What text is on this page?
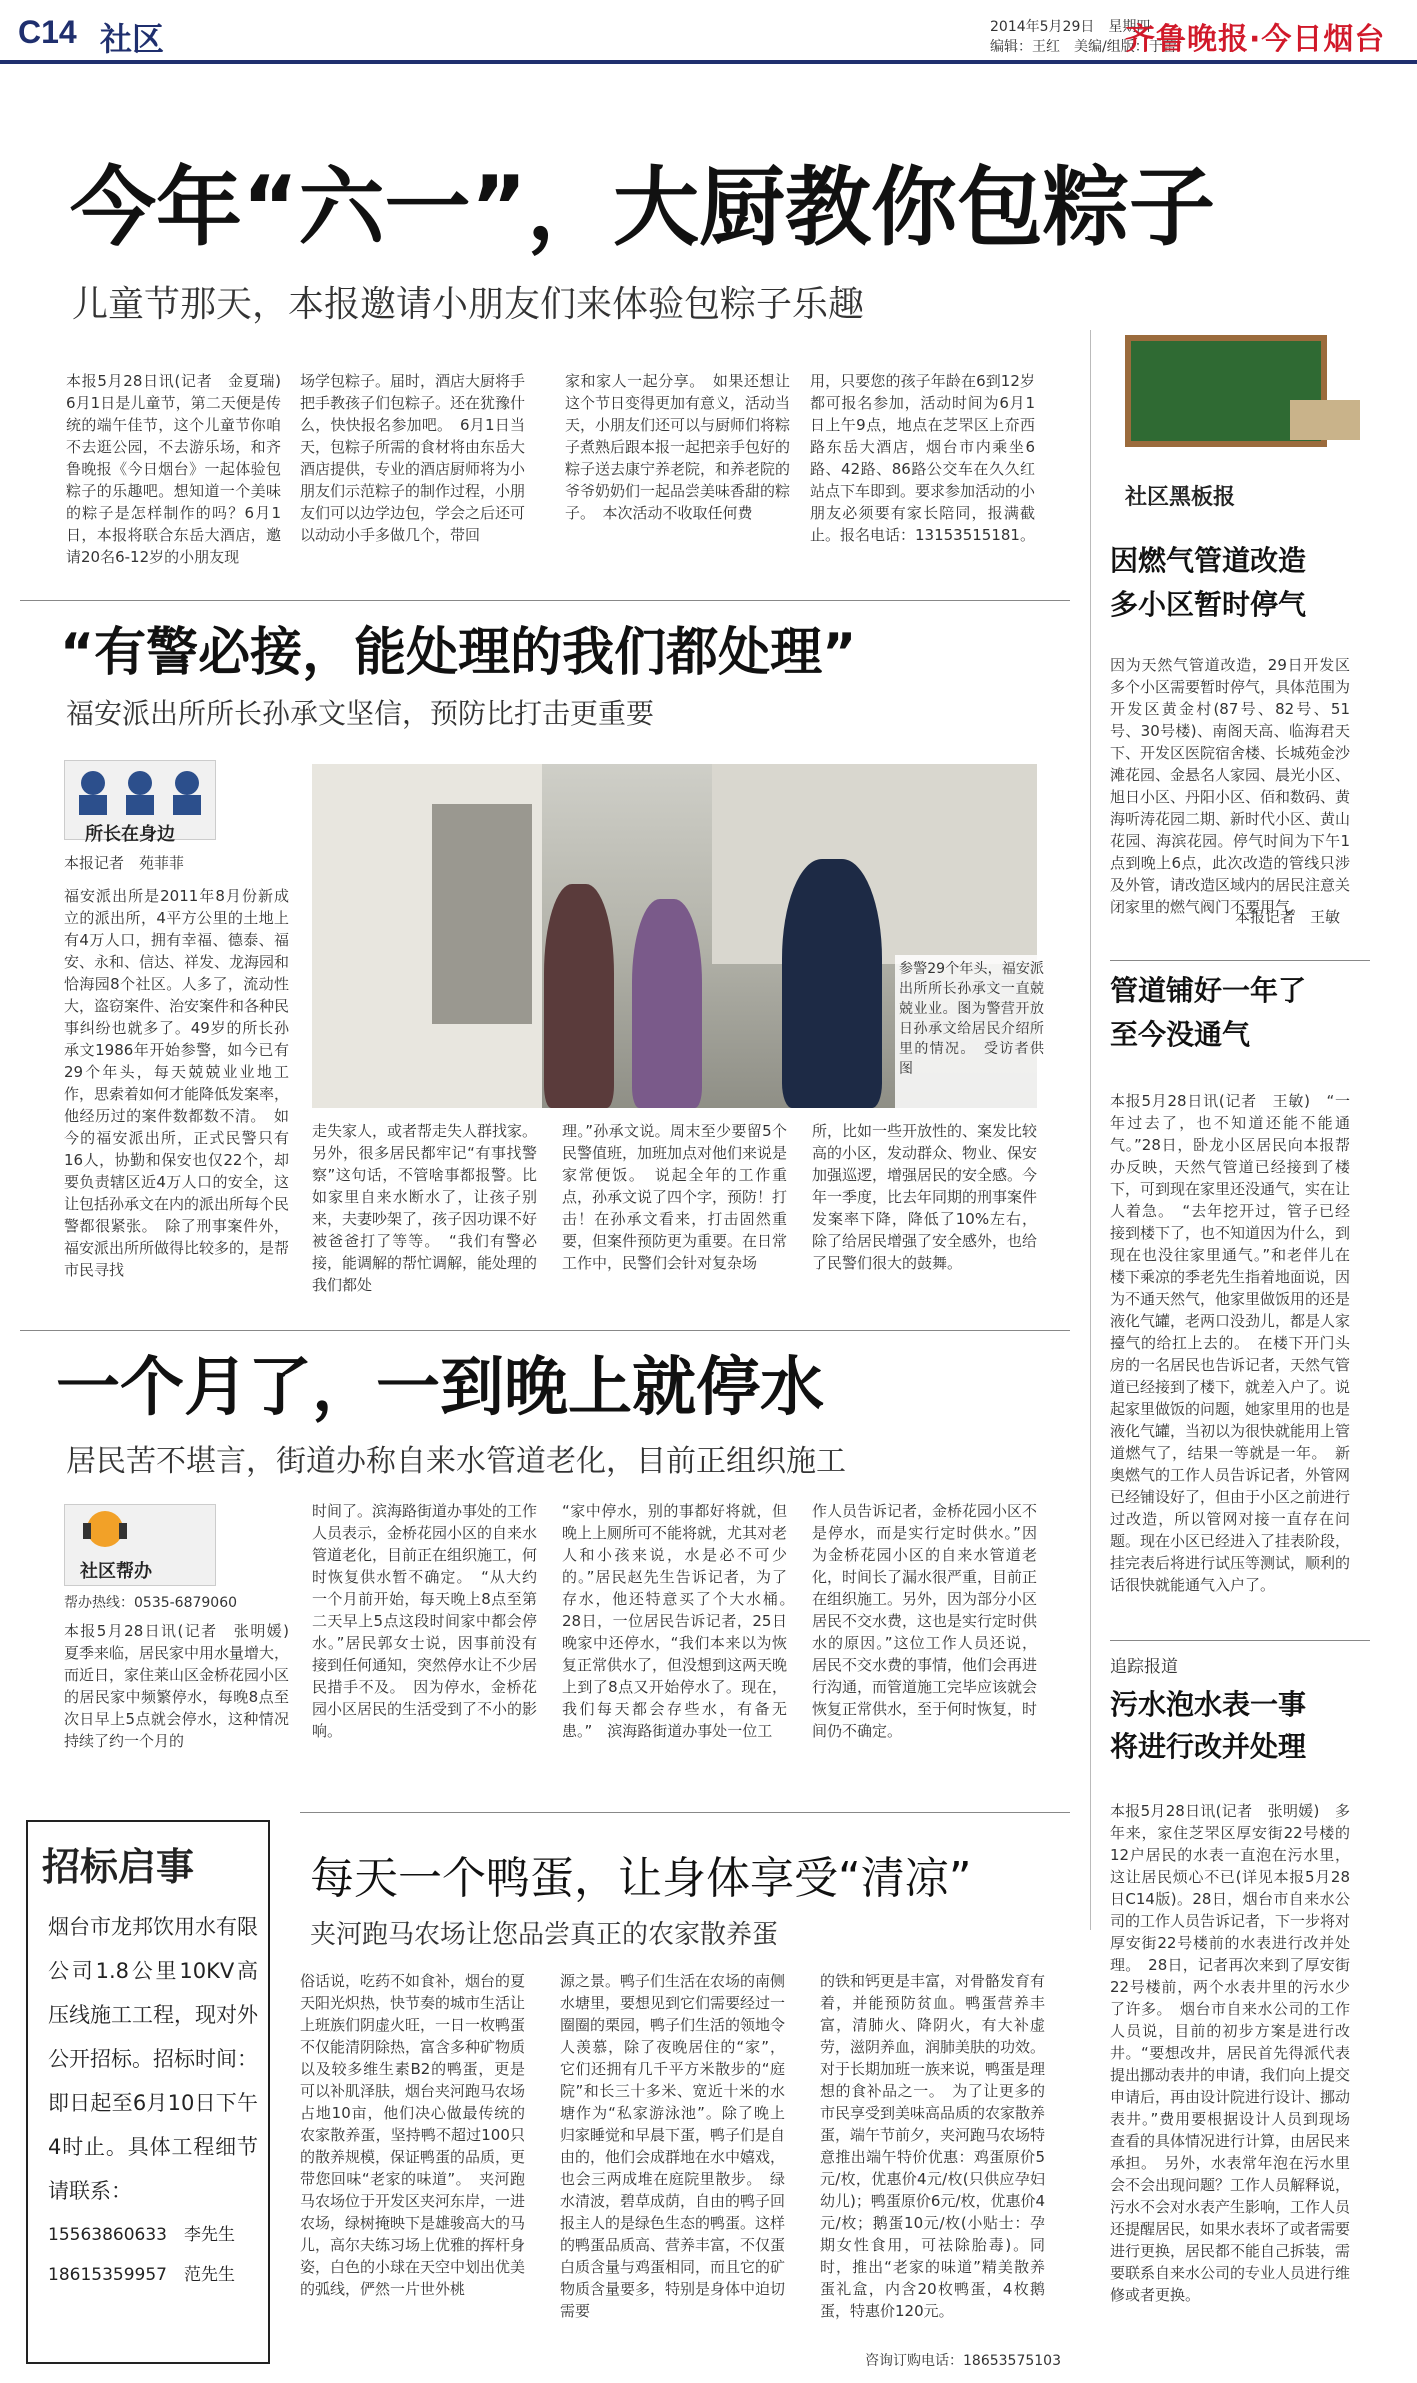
C14 社区	2014年5月29日　星期四
编辑：王红　美编/组版：于蕾
齐鲁晚报·今日烟台
今年“六一”，大厨教你包粽子
儿童节那天，本报邀请小朋友们来体验包粽子乐趣
本报5月28日讯(记者　金夏瑞)　6月1日是儿童节，第二天便是传统的端午佳节，这个儿童节你咱不去逛公园，不去游乐场，和齐鲁晚报《今日烟台》一起体验包粽子的乐趣吧。想知道一个美味的粽子是怎样制作的吗？6月1日，本报将联合东岳大酒店，邀请20名6-12岁的小朋友现
场学包粽子。届时，酒店大厨将手把手教孩子们包粽子。还在犹豫什么，快快报名参加吧。　6月1日当天，包粽子所需的食材将由东岳大酒店提供，专业的酒店厨师将为小朋友们示范粽子的制作过程，小朋友们可以边学边包，学会之后还可以动动小手多做几个，带回
家和家人一起分享。　如果还想让这个节日变得更加有意义，活动当天，小朋友们还可以与厨师们将粽子煮熟后跟本报一起把亲手包好的粽子送去康宁养老院，和养老院的爷爷奶奶们一起品尝美味香甜的粽子。　本次活动不收取任何费
用，只要您的孩子年龄在6到12岁都可报名参加，活动时间为6月1日上午9点，地点在芝罘区上夼西路东岳大酒店，烟台市内乘坐6路、42路、86路公交车在久久红站点下车即到。要求参加活动的小朋友必须要有家长陪同，报满截止。报名电话：13153515181。
“有警必接，能处理的我们都处理”
福安派出所所长孙承文坚信，预防比打击更重要
所长在身边
本报记者　苑菲菲
参警29个年头，福安派出所所长孙承文一直兢兢业业。图为警营开放日孙承文给居民介绍所里的情况。　受访者供图
福安派出所是2011年8月份新成立的派出所，4平方公里的土地上有4万人口，拥有幸福、德泰、福安、永和、信达、祥发、龙海园和恰海园8个社区。人多了，流动性大，盗窃案件、治安案件和各种民事纠纷也就多了。49岁的所长孙承文1986年开始参警，如今已有29个年头，每天兢兢业业地工作，思索着如何才能降低发案率，他经历过的案件数都数不清。　如今的福安派出所，正式民警只有16人，协勤和保安也仅22个，却要负责辖区近4万人口的安全，这让包括孙承文在内的派出所每个民警都很紧张。　除了刑事案件外，福安派出所所做得比较多的，是帮市民寻找
走失家人，或者帮走失人群找家。另外，很多居民都牢记“有事找警察”这句话，不管啥事都报警。比如家里自来水断水了，让孩子别来，夫妻吵架了，孩子因功课不好被爸爸打了等等。　“我们有警必接，能调解的帮忙调解，能处理的我们都处
理。”孙承文说。周末至少要留5个民警值班，加班加点对他们来说是家常便饭。　说起全年的工作重点，孙承文说了四个字，预防！打击！在孙承文看来，打击固然重要，但案件预防更为重要。在日常工作中，民警们会针对复杂场
所，比如一些开放性的、案发比较高的小区，发动群众、物业、保安加强巡逻，增强居民的安全感。今年一季度，比去年同期的刑事案件发案率下降，降低了10%左右，除了给居民增强了安全感外，也给了民警们很大的鼓舞。
一个月了，一到晚上就停水
居民苦不堪言，街道办称自来水管道老化，目前正组织施工
社区帮办
帮办热线：0535-6879060
本报5月28日讯(记者　张明媛)　夏季来临，居民家中用水量增大，而近日，家住莱山区金桥花园小区的居民家中频繁停水，每晚8点至次日早上5点就会停水，这种情况持续了约一个月的
时间了。滨海路街道办事处的工作人员表示，金桥花园小区的自来水管道老化，目前正在组织施工，何时恢复供水暂不确定。　“从大约一个月前开始，每天晚上8点至第二天早上5点这段时间家中都会停水。”居民郭女士说，因事前没有接到任何通知，突然停水让不少居民措手不及。　因为停水，金桥花园小区居民的生活受到了不小的影响。
“家中停水，别的事都好将就，但晚上上厕所可不能将就，尤其对老人和小孩来说，水是必不可少的。”居民赵先生告诉记者，为了存水，他还特意买了个大水桶。　28日，一位居民告诉记者，25日晚家中还停水，“我们本来以为恢复正常供水了，但没想到这两天晚上到了8点又开始停水了。现在，我们每天都会存些水，有备无患。”　滨海路街道办事处一位工
作人员告诉记者，金桥花园小区不是停水，而是实行定时供水。”因为金桥花园小区的自来水管道老化，时间长了漏水很严重，目前正在组织施工。另外，因为部分小区居民不交水费，这也是实行定时供水的原因。”这位工作人员还说，居民不交水费的事情，他们会再进行沟通，而管道施工完毕应该就会恢复正常供水，至于何时恢复，时间仍不确定。
招标启事
烟台市龙邦饮用水有限公司1.8公里10KV高压线施工工程，现对外公开招标。招标时间：即日起至6月10日下午4时止。具体工程细节请联系：
15563860633　 李先生
18615359957　 范先生
每天一个鸭蛋，让身体享受“清凉”
夹河跑马农场让您品尝真正的农家散养蛋
俗话说，吃药不如食补，烟台的夏天阳光炽热，快节奏的城市生活让上班族们阴虚火旺，一日一枚鸭蛋不仅能清阴除热，富含多种矿物质以及较多维生素B2的鸭蛋，更是可以补肌泽肤，烟台夹河跑马农场占地10亩，他们决心做最传统的农家散养蛋，坚持鸭不超过100只的散养规模，保证鸭蛋的品质，更带您回味“老家的味道”。　夹河跑马农场位于开发区夹河东岸，一进农场，绿树掩映下是雄骏高大的马儿，高尔夫练习场上优雅的挥杆身姿，白色的小球在天空中划出优美的弧线，俨然一片世外桃
源之景。鸭子们生活在农场的南侧水塘里，要想见到它们需要经过一圈圈的栗园，鸭子们生活的领地令人羡慕，除了夜晚居住的“家”，它们还拥有几千平方米散步的“庭院”和长三十多米、宽近十米的水塘作为“私家游泳池”。除了晚上归家睡觉和早晨下蛋，鸭子们是自由的，他们会成群地在水中嬉戏，也会三两成堆在庭院里散步。　绿水清波，碧草成荫，自由的鸭子回报主人的是绿色生态的鸭蛋。这样的鸭蛋品质高、营养丰富，不仅蛋白质含量与鸡蛋相同，而且它的矿物质含量要多，特别是身体中迫切需要
的铁和钙更是丰富，对骨骼发育有着，并能预防贫血。鸭蛋营养丰富，清肺火、降阴火，有大补虚劳，滋阴养血，润肺美肤的功效。对于长期加班一族来说，鸭蛋是理想的食补品之一。　为了让更多的市民享受到美味高品质的农家散养蛋，端午节前夕，夹河跑马农场特意推出端午特价优惠：鸡蛋原价5元/枚，优惠价4元/枚(只供应孕妇幼儿)；鸭蛋原价6元/枚，优惠价4元/枚；鹅蛋10元/枚(小贴士：孕期女性食用，可祛除胎毒)。同时，推出“老家的味道”精美散养蛋礼盒，内含20枚鸭蛋，4枚鹅蛋，特惠价120元。
咨询订购电话：18653575103
社区黑板报
因燃气管道改造
多小区暂时停气
因为天然气管道改造，29日开发区多个小区需要暂时停气，具体范围为开发区黄金村(87号、82号、51号、30号楼)、南阁天高、临海君天下、开发区医院宿舍楼、长城苑金沙滩花园、金悬名人家园、晨光小区、旭日小区、丹阳小区、佰和数码、黄海听涛花园二期、新时代小区、黄山花园、海滨花园。停气时间为下午1点到晚上6点，此次改造的管线只涉及外管，请改造区域内的居民注意关闭家里的燃气阀门不要用气。
本报记者　王敏
管道铺好一年了
至今没通气
本报5月28日讯(记者　王敏)　“一年过去了，也不知道还能不能通气。”28日，卧龙小区居民向本报帮办反映，天然气管道已经接到了楼下，可到现在家里还没通气，实在让人着急。　“去年挖开过，管子已经接到楼下了，也不知道因为什么，到现在也没往家里通气。”和老伴儿在楼下乘凉的季老先生指着地面说，因为不通天然气，他家里做饭用的还是液化气罐，老两口没劲儿，都是人家擡气的给扛上去的。　在楼下开门头房的一名居民也告诉记者，天然气管道已经接到了楼下，就差入户了。说起家里做饭的问题，她家里用的也是液化气罐，当初以为很快就能用上管道燃气了，结果一等就是一年。　新奥燃气的工作人员告诉记者，外管网已经铺设好了，但由于小区之前进行过改造，所以管网对接一直存在问题。现在小区已经进入了挂表阶段，挂完表后将进行试压等测试，顺利的话很快就能通气入户了。
追踪报道
污水泡水表一事
将进行改并处理
本报5月28日讯(记者　张明媛)　多年来，家住芝罘区厚安街22号楼的12户居民的水表一直泡在污水里，这让居民烦心不已(详见本报5月28日C14版)。28日，烟台市自来水公司的工作人员告诉记者，下一步将对厚安街22号楼前的水表进行改并处理。　28日，记者再次来到了厚安街22号楼前，两个水表井里的污水少了许多。　烟台市自来水公司的工作人员说，目前的初步方案是进行改井。“要想改井，居民首先得派代表提出挪动表井的申请，我们向上提交申请后，再由设计院进行设计、挪动表井。”费用要根据设计人员到现场查看的具体情况进行计算，由居民来承担。　另外，水表常年泡在污水里会不会出现问题？工作人员解释说，污水不会对水表产生影响，工作人员还提醒居民，如果水表坏了或者需要进行更换，居民都不能自己拆装，需要联系自来水公司的专业人员进行维修或者更换。
